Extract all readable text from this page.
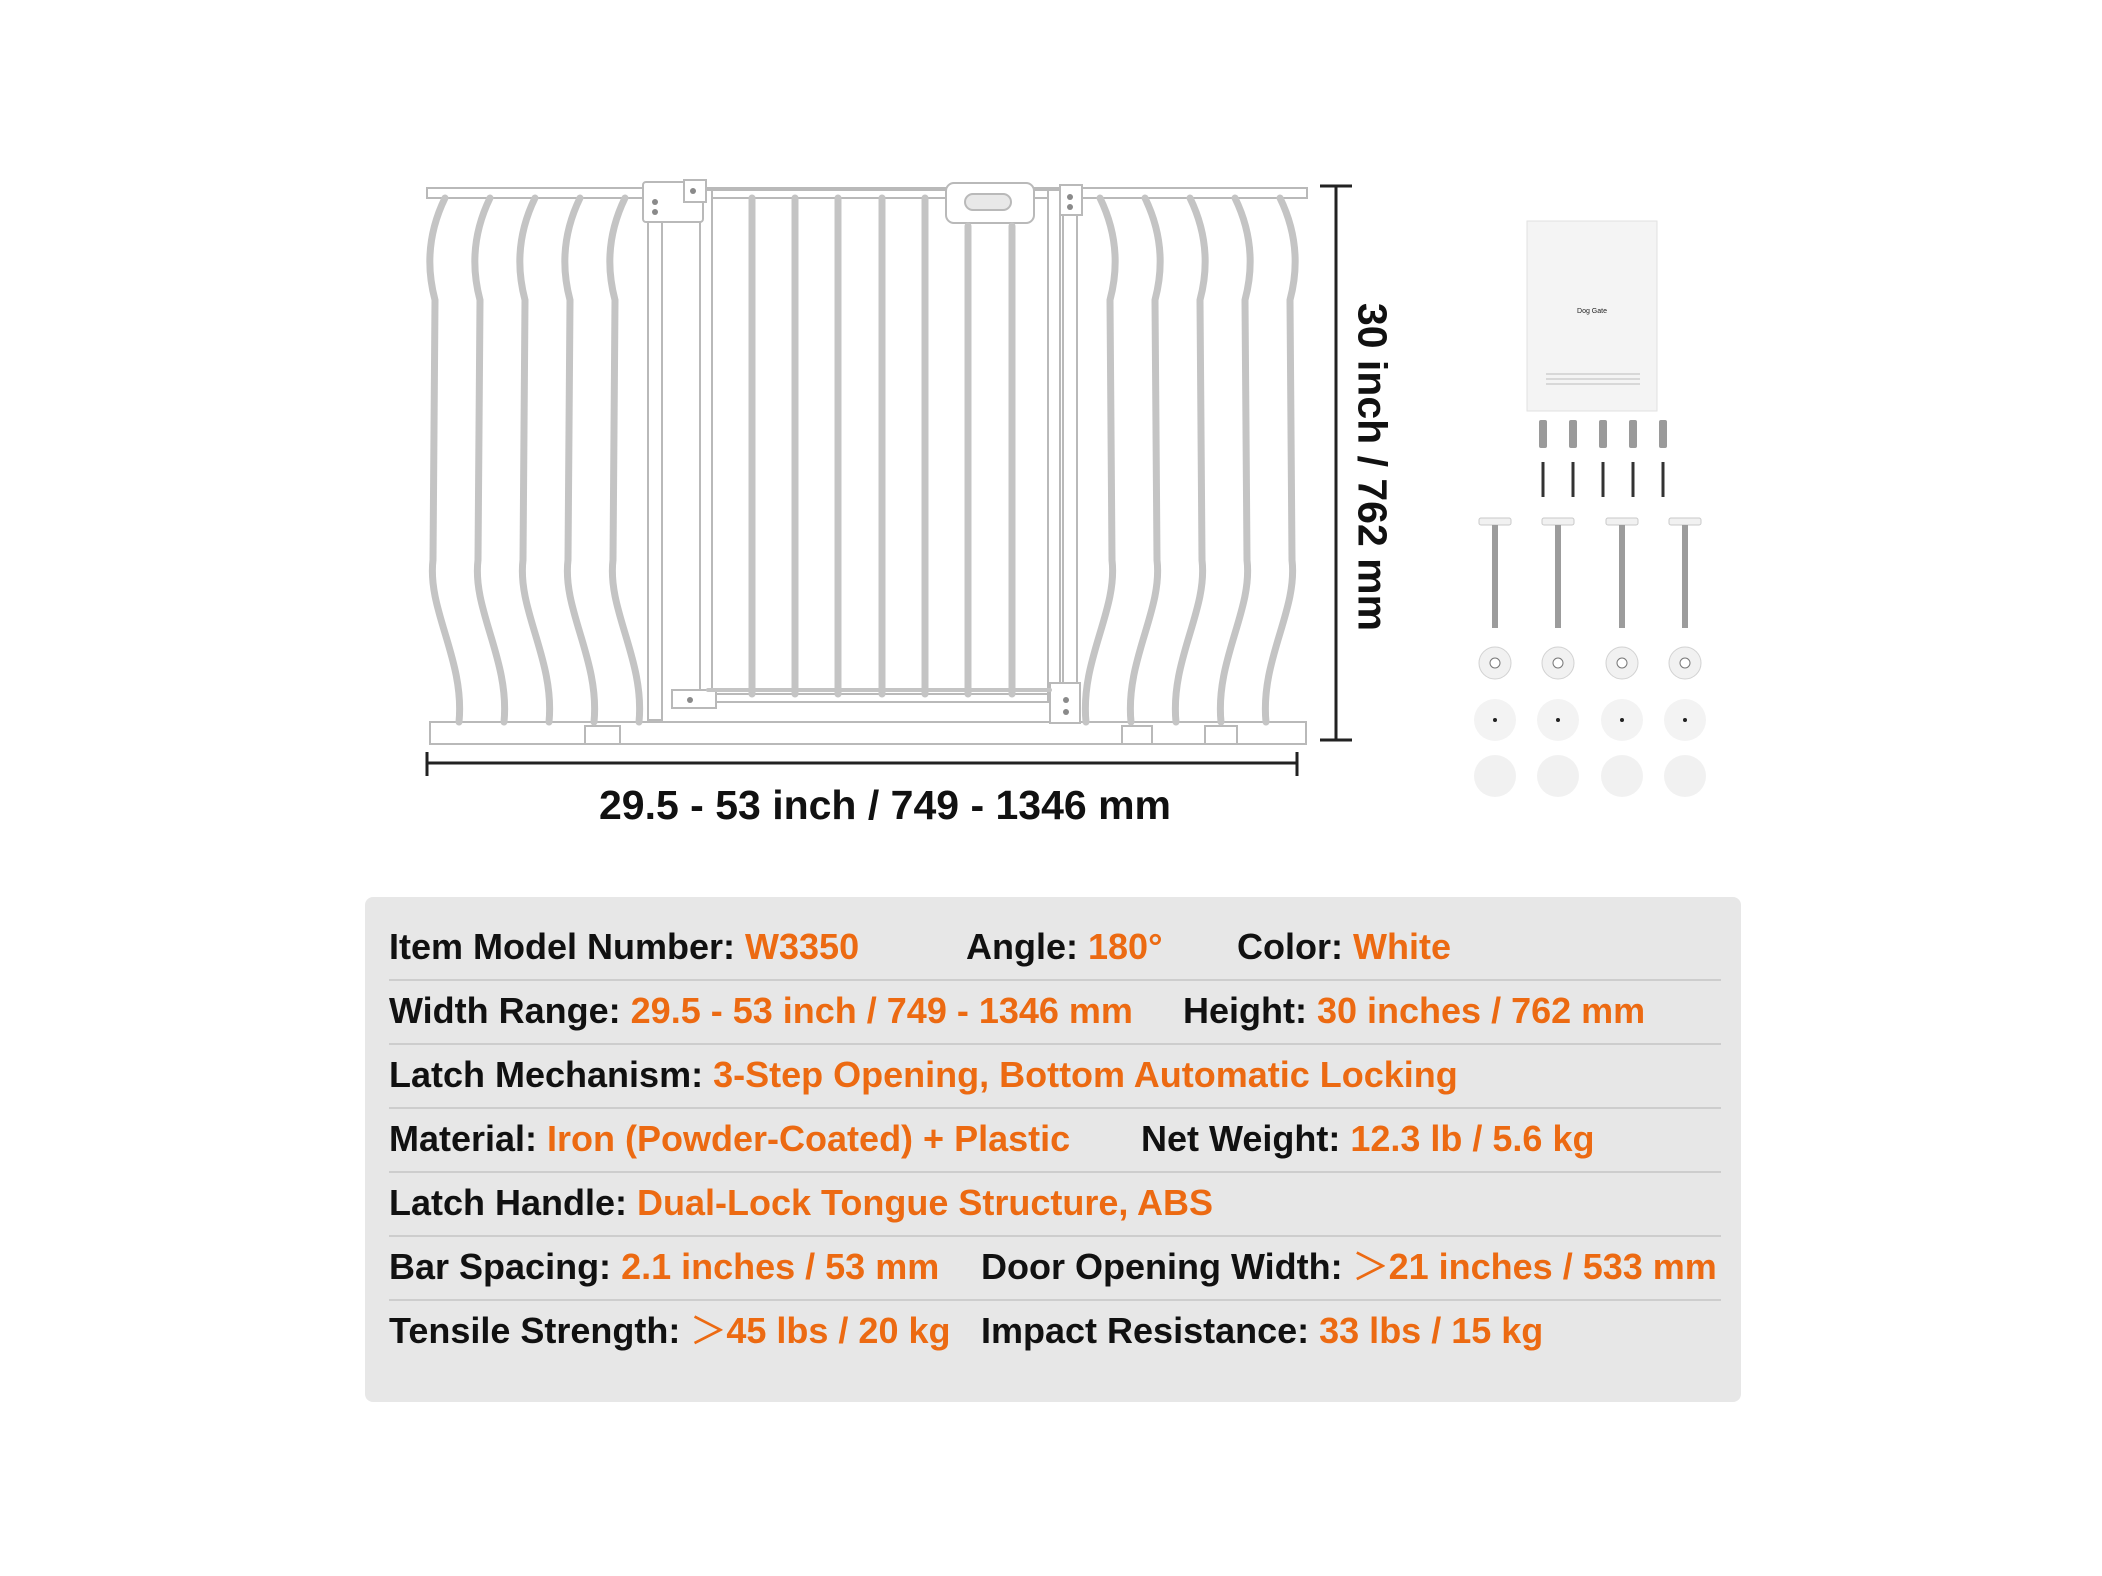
Dog Gate
29.5 - 53 inch / 749 - 1346 mm
30 inch / 762 mm
Item Model Number: W3350	Angle: 180° Color: White
Width Range: 29.5 - 53 inch / 749 - 1346 mm Height: 30 inches / 762 mm
Latch Mechanism: 3-Step Opening, Bottom Automatic Locking
Material: Iron (Powder-Coated) + Plastic Net Weight: 12.3 lb / 5.6 kg
Latch Handle: Dual-Lock Tongue Structure, ABS
Bar Spacing: 2.1 inches / 53 mm Door Opening Width: ＞21 inches / 533 mm
Tensile Strength: ＞45 lbs / 20 kg Impact Resistance: 33 lbs / 15 kg
